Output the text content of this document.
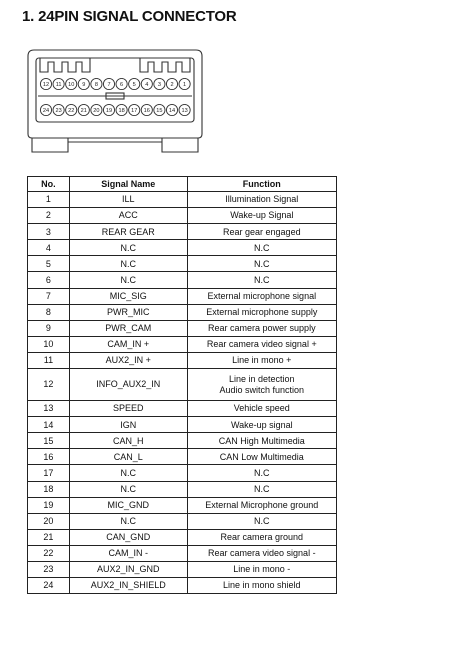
1. 24PIN SIGNAL CONNECTOR
12 11 10 9 8 7 6 5 4 3 2 1
24 23 22 21 20 19 18 17 16 15 14 13
No.	Signal Name	Function
1	ILL	Illumination Signal

2	ACC	Wake-up Signal

3	REAR GEAR	Rear gear engaged

4	N.C	N.C

5	N.C	N.C

6	N.C	N.C

7	MIC_SIG	External microphone signal

8	PWR_MIC	External microphone supply

9	PWR_CAM	Rear camera power supply

10	CAM_IN +	Rear camera video signal +

11	AUX2_IN +	Line in mono +

12	INFO_AUX2_IN	Line in detection
Audio switch function

13	SPEED	Vehicle speed

14	IGN	Wake-up signal

15	CAN_H	CAN High Multimedia

16	CAN_L	CAN Low Multimedia

17	N.C	N.C

18	N.C	N.C

19	MIC_GND	External Microphone ground

20	N.C	N.C

21	CAN_GND	Rear camera ground

22	CAM_IN -	Rear camera video signal -

23	AUX2_IN_GND	Line in mono -

24	AUX2_IN_SHIELD	Line in mono shield
